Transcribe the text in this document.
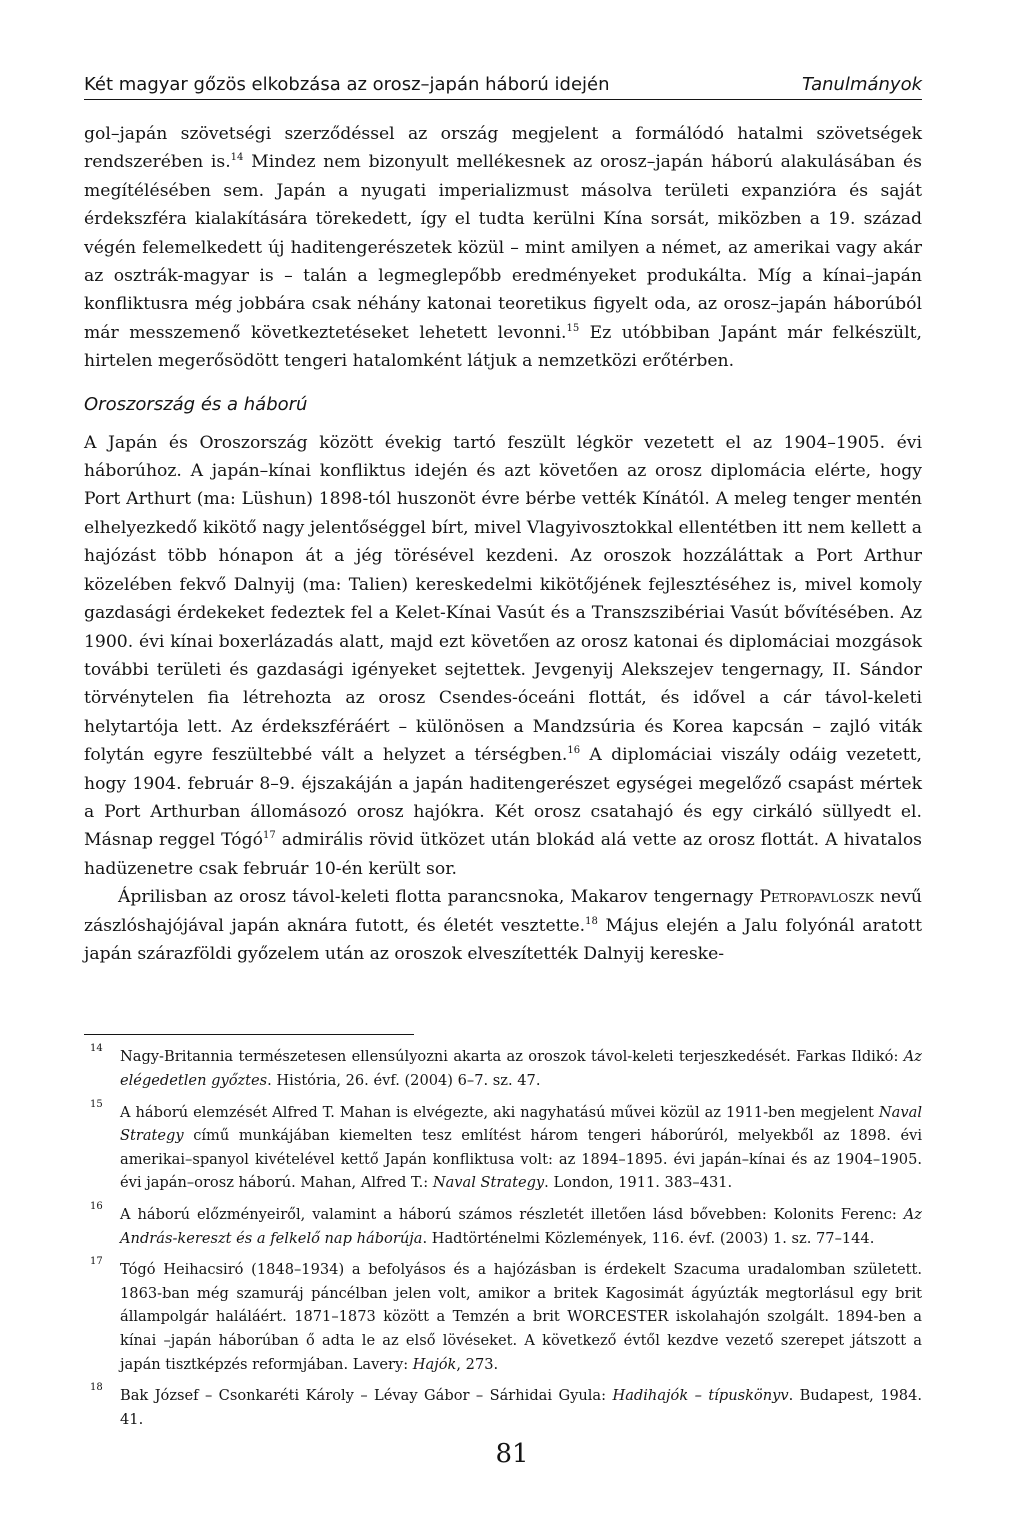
Két magyar gőzös elkobzása az orosz–japán háború idején	Tanulmányok

gol–japán szövetségi szerződéssel az ország megjelent a formálódó hatalmi szövetségek rendszerében is.$^{14}$ Mindez nem bizonyult mellékesnek az orosz–japán háború alakulásában és megítélésében sem. Japán a nyugati imperializmust másolva területi expanzióra és saját érdekszféra kialakítására törekedett, így el tudta kerülni Kína sorsát, miközben a 19. század végén felemelkedett új haditengerészetek közül – mint amilyen a német, az amerikai vagy akár az osztrák-magyar is – talán a legmeglepőbb eredményeket produkálta. Míg a kínai–japán konfliktusra még jobbára csak néhány katonai teoretikus figyelt oda, az orosz–japán háborúból már messzemenő következtetéseket lehetett levonni.$^{15}$ Ez utóbbiban Japánt már felkészült, hirtelen megerősödött tengeri hatalomként látjuk a nemzetközi erőtérben.

Oroszország és a háború

A Japán és Oroszország között évekig tartó feszült légkör vezetett el az 1904–1905. évi háborúhoz. A japán–kínai konfliktus idején és azt követően az orosz diplomácia elérte, hogy Port Arthurt (ma: Lüshun) 1898-tól huszonöt évre bérbe vették Kínától. A meleg tenger mentén elhelyezkedő kikötő nagy jelentőséggel bírt, mivel Vlagyivosztokkal ellentétben itt nem kellett a hajózást több hónapon át a jég törésével kezdeni. Az oroszok hozzáláttak a Port Arthur közelében fekvő Dalnyij (ma: Talien) kereskedelmi kikötőjének fejlesztéséhez is, mivel komoly gazdasági érdekeket fedeztek fel a Kelet-Kínai Vasút és a Transzszibériai Vasút bővítésében. Az 1900. évi kínai boxerlázadás alatt, majd ezt követően az orosz katonai és diplomáciai mozgások további területi és gazdasági igényeket sejtettek. Jevgenyij Alekszejev tengernagy, II. Sándor törvénytelen fia létrehozta az orosz Csendes-óceáni flottát, és idővel a cár távol-keleti helytartója lett. Az érdekszféráért – különösen a Mandzsúria és Korea kapcsán – zajló viták folytán egyre feszültebbé vált a helyzet a térségben.$^{16}$ A diplomáciai viszály odáig vezetett, hogy 1904. február 8–9. éjszakáján a japán haditengerészet egységei megelőző csapást mértek a Port Arthurban állomásozó orosz hajókra. Két orosz csatahajó és egy cirkáló süllyedt el. Másnap reggel Tógó$^{17}$ admirális rövid ütközet után blokád alá vette az orosz flottát. A hivatalos hadüzenetre csak február 10-én került sor.

Áprilisban az orosz távol-keleti flotta parancsnoka, Makarov tengernagy Petropavloszk nevű zászlóshajójával japán aknára futott, és életét vesztette.$^{18}$ Május elején a Jalu folyónál aratott japán szárazföldi győzelem után az oroszok elveszítették Dalnyij kereske-

14 Nagy-Britannia természetesen ellensúlyozni akarta az oroszok távol-keleti terjeszkedését. Farkas Ildikó: Az elégedetlen győztes. História, 26. évf. (2004) 6–7. sz. 47.
15 A háború elemzését Alfred T. Mahan is elvégezte, aki nagyhatású művei közül az 1911-ben megjelent Naval Strategy című munkájában kiemelten tesz említést három tengeri háborúról, melyekből az 1898. évi amerikai–spanyol kivételével kettő Japán konfliktusa volt: az 1894–1895. évi japán–kínai és az 1904–1905. évi japán–orosz háború. Mahan, Alfred T.: Naval Strategy. London, 1911. 383–431.
16 A háború előzményeiről, valamint a háború számos részletét illetően lásd bővebben: Kolonits Ferenc: Az András-kereszt és a felkelő nap háborúja. Hadtörténelmi Közlemények, 116. évf. (2003) 1. sz. 77–144.
17 Tógó Heihacsiró (1848–1934) a befolyásos és a hajózásban is érdekelt Szacuma uradalomban született. 1863-ban még szamuráj páncélban jelen volt, amikor a britek Kagosimát ágyúzták megtorlásul egy brit állampolgár haláláért. 1871–1873 között a Temzén a brit WORCESTER iskolahajón szolgált. 1894-ben a kínai –japán háborúban ő adta le az első lövéseket. A következő évtől kezdve vezető szerepet játszott a japán tisztképzés reformjában. Lavery: Hajók, 273.
18 Bak József – Csonkaréti Károly – Lévay Gábor – Sárhidai Gyula: Hadihajók – típuskönyv. Budapest, 1984. 41.
81
